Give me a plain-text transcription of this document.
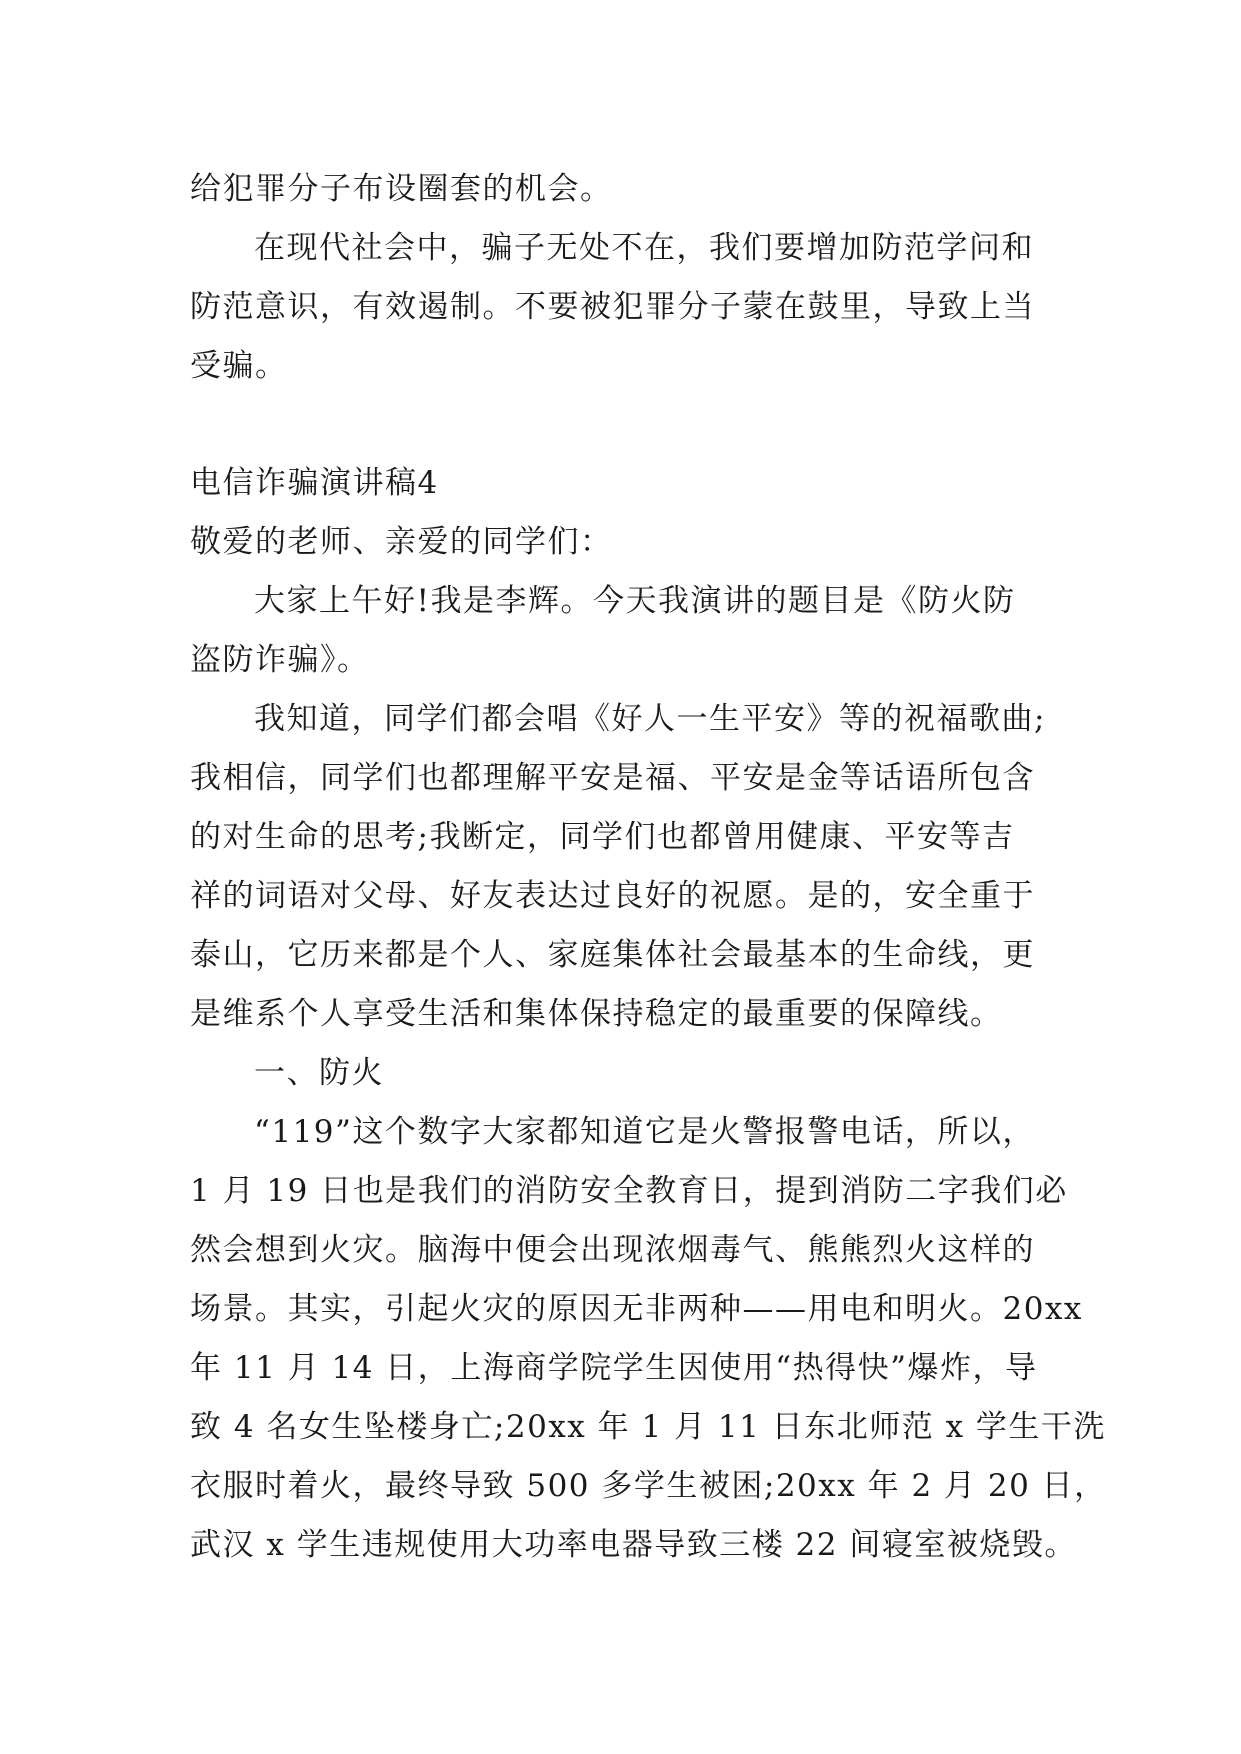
给犯罪分子布设圈套的机会。
在现代社会中，骗子无处不在，我们要增加防范学问和
防范意识，有效遏制。不要被犯罪分子蒙在鼓里，导致上当
受骗。
电信诈骗演讲稿4
敬爱的老师、亲爱的同学们：
大家上午好!我是李辉。今天我演讲的题目是《防火防
盗防诈骗》。
我知道，同学们都会唱《好人一生平安》等的祝福歌曲;
我相信，同学们也都理解平安是福、平安是金等话语所包含
的对生命的思考;我断定，同学们也都曾用健康、平安等吉
祥的词语对父母、好友表达过良好的祝愿。是的，安全重于
泰山，它历来都是个人、家庭集体社会最基本的生命线，更
是维系个人享受生活和集体保持稳定的最重要的保障线。
一、防火
“119”这个数字大家都知道它是火警报警电话，所以，
1 月 19 日也是我们的消防安全教育日，提到消防二字我们必
然会想到火灾。脑海中便会出现浓烟毒气、熊熊烈火这样的
场景。其实，引起火灾的原因无非两种——用电和明火。20xx
年 11 月 14 日，上海商学院学生因使用“热得快”爆炸，导
致 4 名女生坠楼身亡;20xx 年 1 月 11 日东北师范 x 学生干洗
衣服时着火，最终导致 500 多学生被困;20xx 年 2 月 20 日，
武汉 x 学生违规使用大功率电器导致三楼 22 间寝室被烧毁。
